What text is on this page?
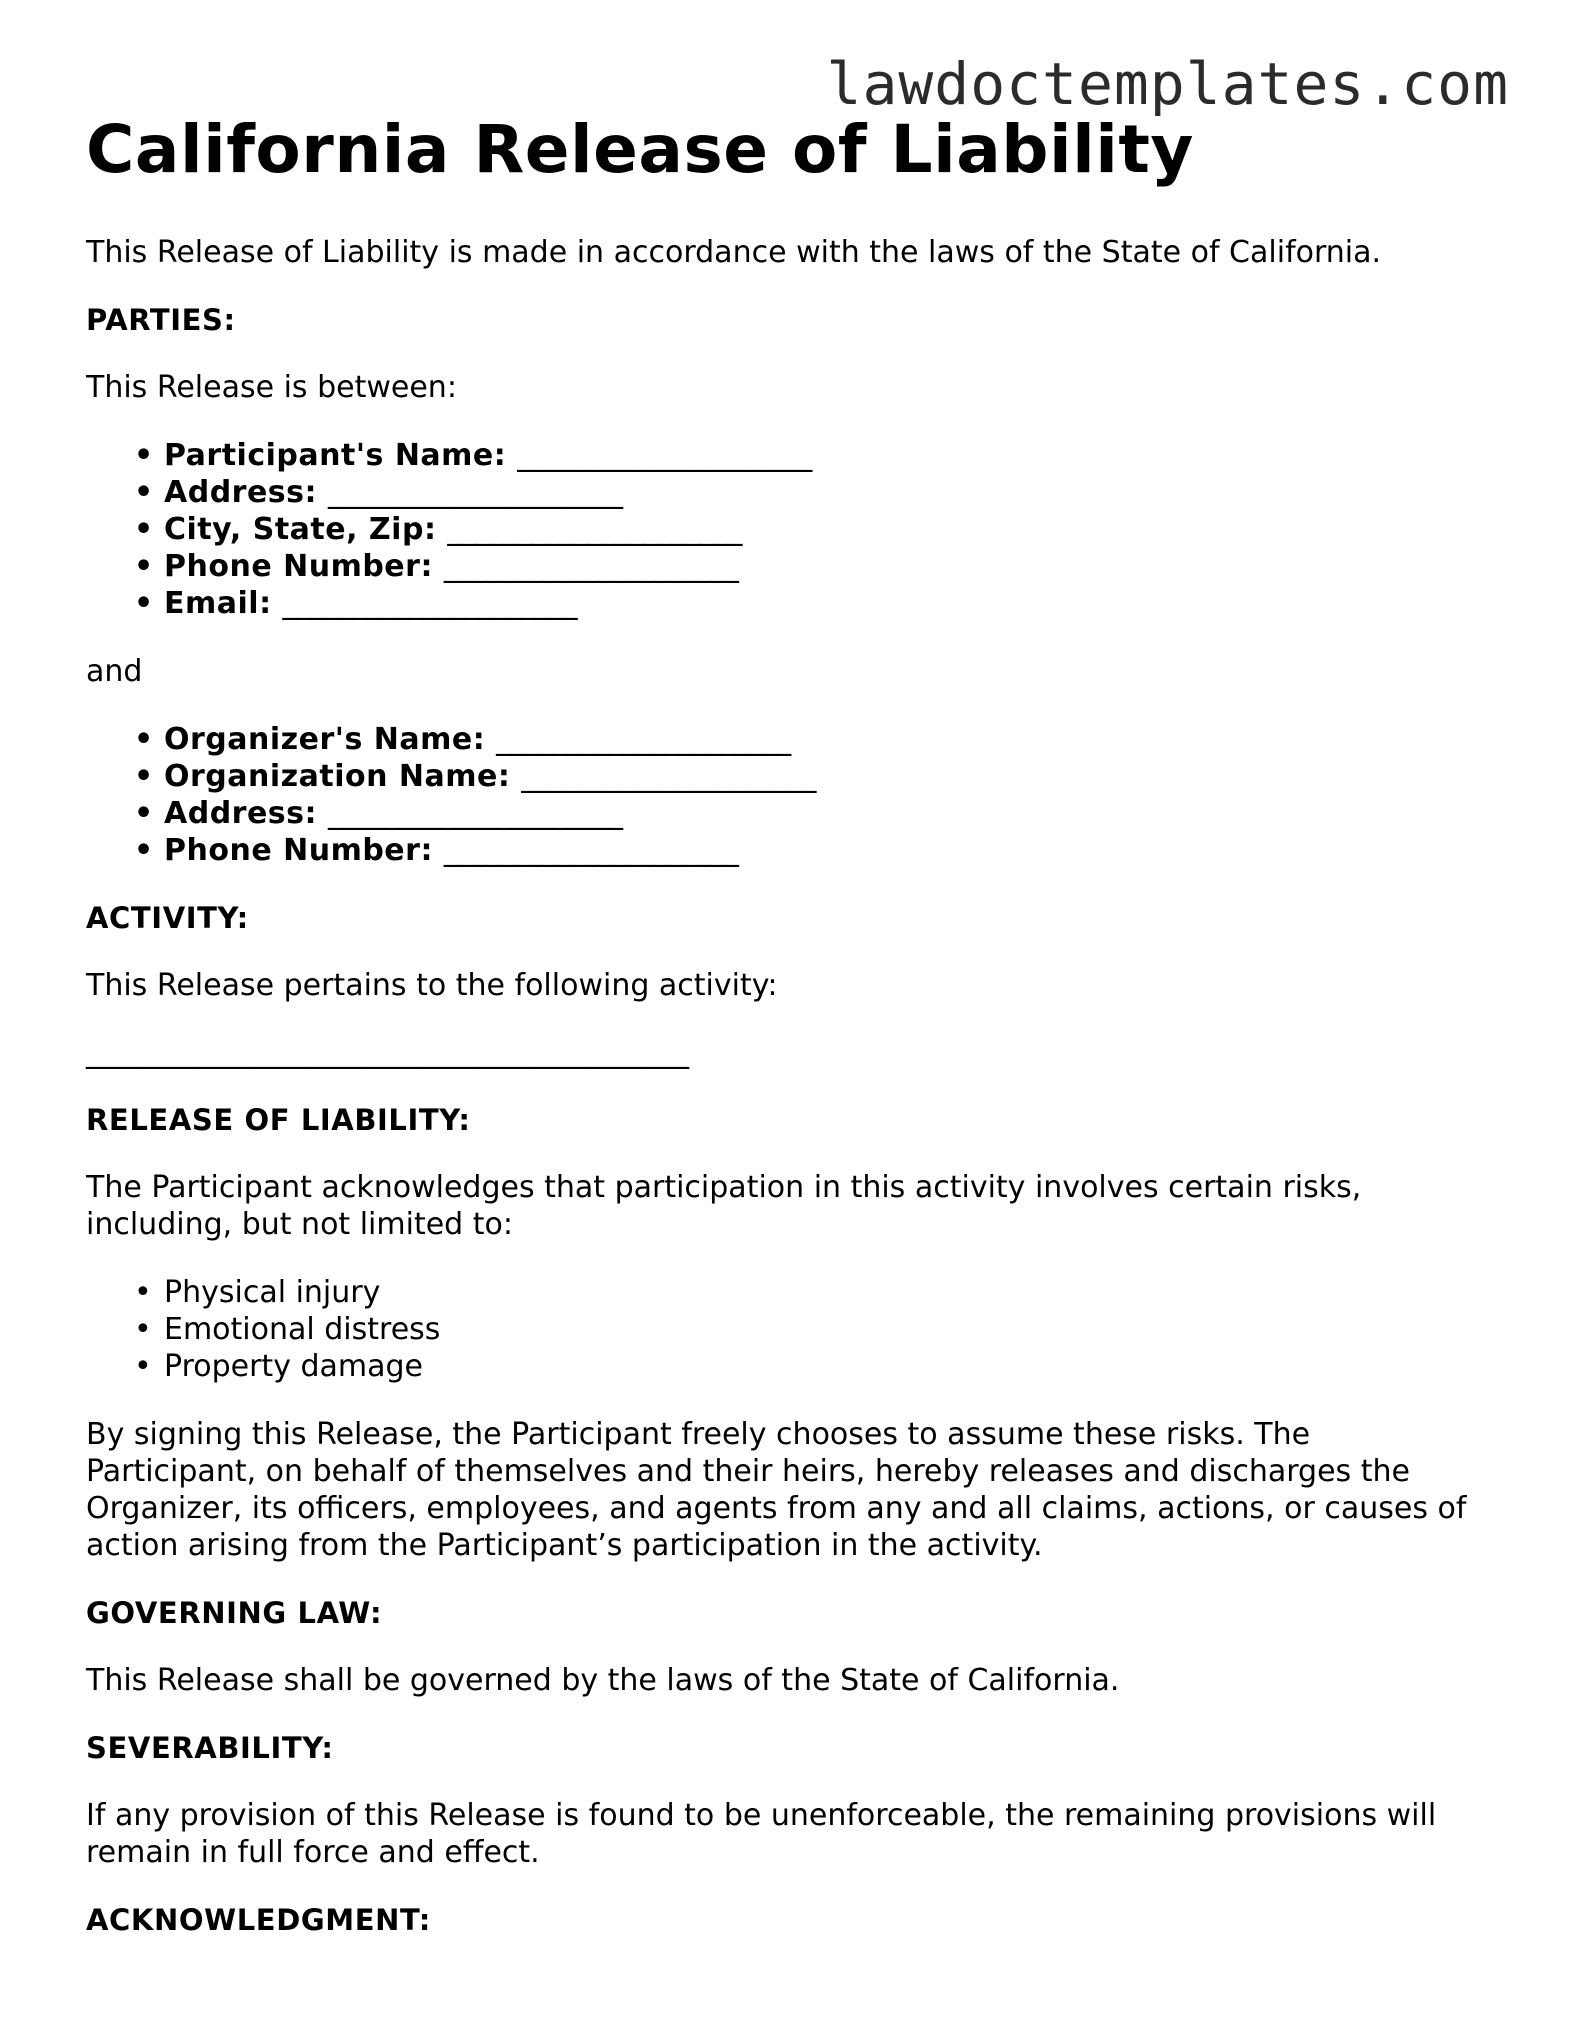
lawdoctemplates.com
California Release of Liability

This Release of Liability is made in accordance with the laws of the State of California.

PARTIES:

This Release is between:

• Participant's Name: _____________________
• Address: _____________________
• City, State, Zip: _____________________
• Phone Number: _____________________
• Email: _____________________

and

• Organizer's Name: _____________________
• Organization Name: _____________________
• Address: _____________________
• Phone Number: _____________________

ACTIVITY:

This Release pertains to the following activity:

___________________________________________

RELEASE OF LIABILITY:

The Participant acknowledges that participation in this activity involves certain risks, including, but not limited to:

• Physical injury
• Emotional distress
• Property damage

By signing this Release, the Participant freely chooses to assume these risks. The Participant, on behalf of themselves and their heirs, hereby releases and discharges the Organizer, its officers, employees, and agents from any and all claims, actions, or causes of action arising from the Participant’s participation in the activity.

GOVERNING LAW:

This Release shall be governed by the laws of the State of California.

SEVERABILITY:

If any provision of this Release is found to be unenforceable, the remaining provisions will remain in full force and effect.

ACKNOWLEDGMENT:
